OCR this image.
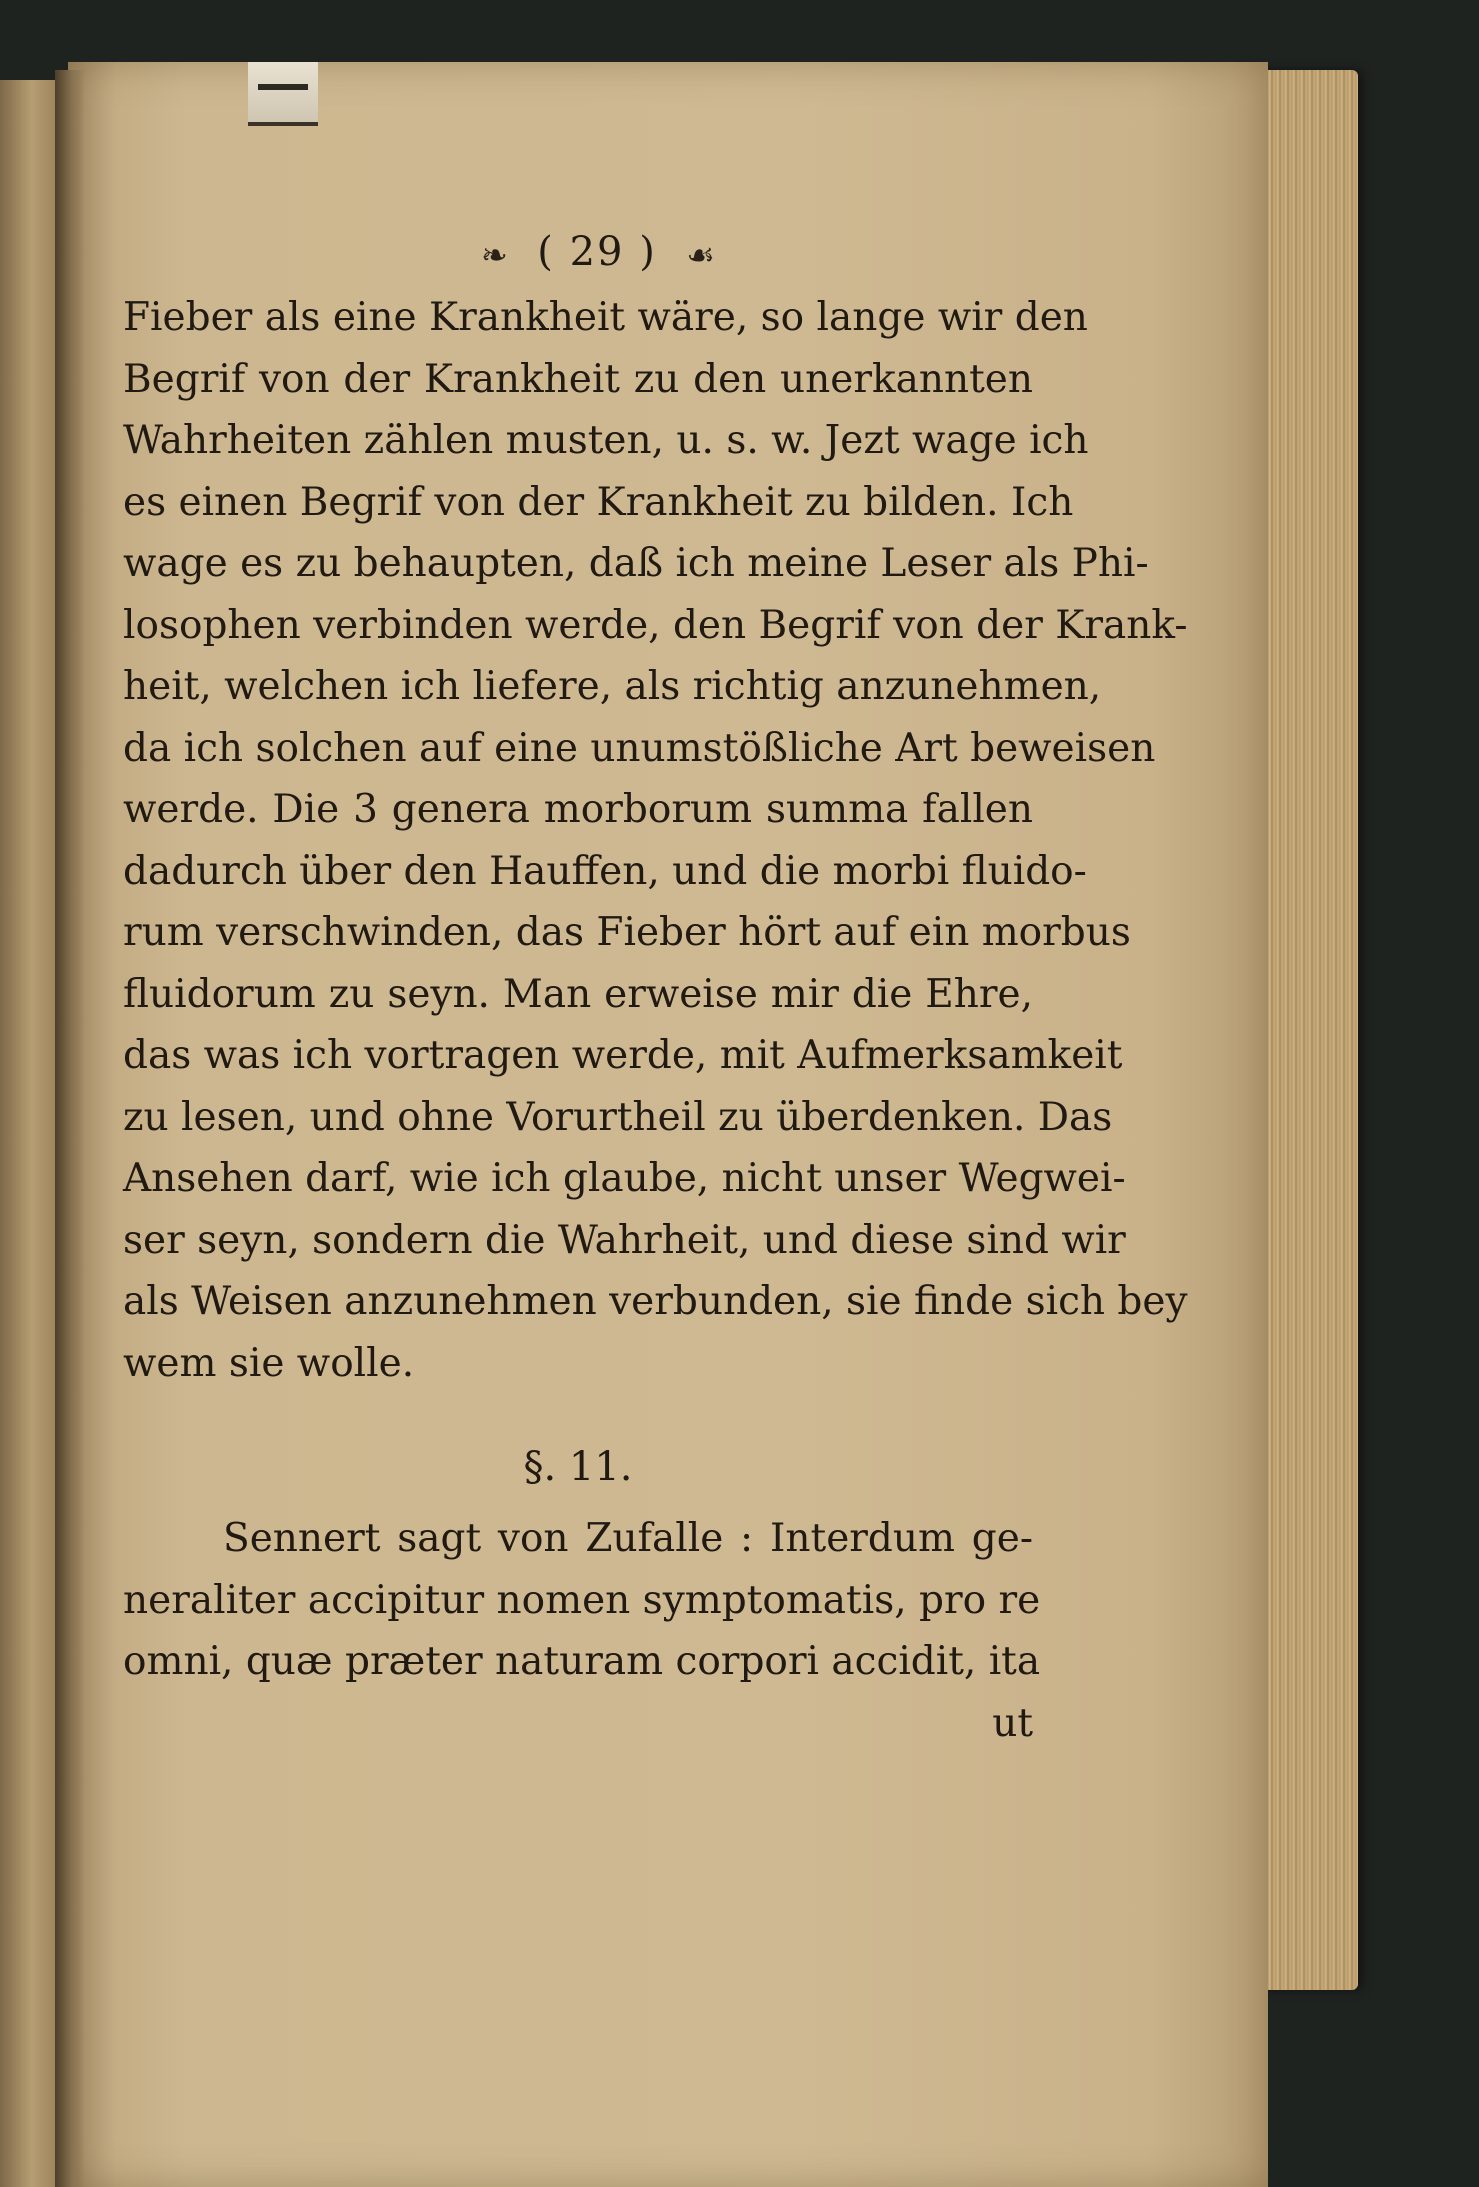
❧ ( 29 ) ☙
Fieber als eine Krankheit wäre, so lange wir den
Begrif von der Krankheit zu den unerkannten
Wahrheiten zählen musten, u. s. w. Jezt wage ich
es einen Begrif von der Krankheit zu bilden. Ich
wage es zu behaupten, daß ich meine Leser als Phi-
losophen verbinden werde, den Begrif von der Krank-
heit, welchen ich liefere, als richtig anzunehmen,
da ich solchen auf eine unumstößliche Art beweisen
werde. Die 3 genera morborum summa fallen
dadurch über den Hauffen, und die morbi fluido-
rum verschwinden, das Fieber hört auf ein morbus
fluidorum zu seyn. Man erweise mir die Ehre,
das was ich vortragen werde, mit Aufmerksamkeit
zu lesen, und ohne Vorurtheil zu überdenken. Das
Ansehen darf, wie ich glaube, nicht unser Wegwei-
ser seyn, sondern die Wahrheit, und diese sind wir
als Weisen anzunehmen verbunden, sie finde sich bey
wem sie wolle.
§. 11.
Sennert sagt von Zufalle : Interdum ge-
neraliter accipitur nomen symptomatis, pro re
omni, quæ præter naturam corpori accidit, ita
ut
